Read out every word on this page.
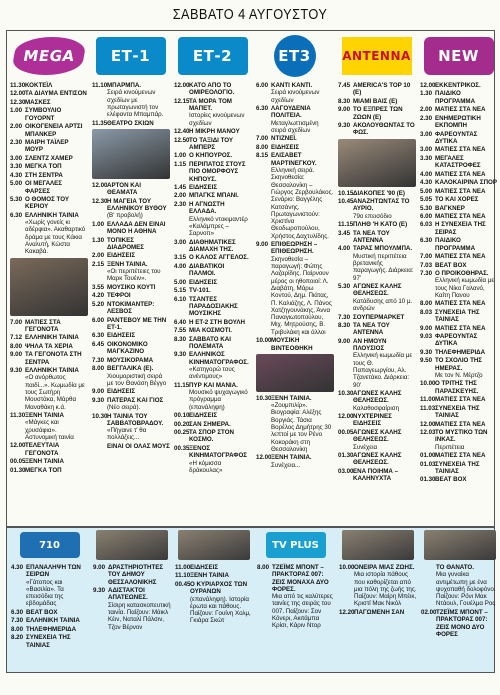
ΣΑΒΒΑΤΟ 4 ΑΥΓΟΥΣΤΟΥ
MEGA
11.30 ΚΟΚΤΕΪΛ
12.00 ΤΑ ΔΙΑΥΜΑ ΕΝΤΙΣΟΝ
12.30 ΜΑΣΚΕΣ
1.00 ΣΥΜΒΟΥΛΙΟ ΓΟΥΟΡΝΤ
2.00 ΟΙΚΟΓΕΝΕΙΑ ΑΡΤΣΙ ΜΠΑΝΚΕΡ
2.30 ΜΑΙΡΗ ΤΑΪΛΕΡ ΜΟΥΡ
3.00 ΣΛΕΝΤΖ ΧΑΜΕΡ
3.30 ΜΕΓΚΑ ΤΟΠ
4.30 ΣΤΗ ΣΕΝΤΡΑ
5.00 ΟΙ ΜΕΓΑΛΕΣ ΦΑΡΣΕΣ
5.30 Ο ΘΟΜΟΣ ΤΟΥ ΚΕΡΙΟΥ
6.30 ΕΛΛΗΝΙΚΗ ΤΑΙΝΙΑ
«Χωρίς γονείς κι αδέρφια». Ακαθαρτικό δράμα με τους Κάκια Αναλυτή, Κώστα Κακαβά.
7.00 ΜΑΤΙΕΣ ΣΤΑ ΓΕΓΟΝΟΤΑ
7.12 ΕΛΛΗΝΙΚΗ ΤΑΙΝΙΑ
8.00 ΨΗΛΑ ΤΑ ΧΕΡΙΑ
9.00 ΤΑ ΓΕΓΟΝΟΤΑ ΣΤΗ ΣΕΝΤΡΑ
9.30 ΕΛΛΗΝΙΚΗ ΤΑΙΝΙΑ
«Ο ανόρθωτος παιδί...». Κωμωδία με τους Σωτήρη Μουστάκα, Μάρθα Μαναθάκη κ.ά.
11.30 ΞΕΝΗ ΤΑΙΝΙΑ
«Μάγκες και χρυσάφια». Αστυνομική ταινία
12.00 ΤΕΛΕΥΤΑΙΑ ΓΕΓΟΝΟΤΑ
00.05 ΞΕΝΗ ΤΑΙΝΙΑ
01.30 ΜΕΓΚΑ ΤΟΠ
ΕΤ-1
11.10 ΜΠΑΡΜΠΑ.
Σειρά κινούμενων σχεδίων με πρωταγωνιστή τον ελέφαντα Μπαμπάρ.
11.35 ΘΕΑΤΡΟ ΣΚΙΩΝ
12.00 ΑΡΤΟΝ ΚΑΙ ΘΕΑΜΑΤΑ
12.30 Η ΜΑΓΕΙΑ ΤΟΥ ΕΛΛΗΝΙΚΟΥ ΒΥΘΟΥ
(Β' προβολή)
1.00 ΕΛΛΑΔΑ ΔΕΝ ΕΙΝΑΙ ΜΟΝΟ Η ΑΘΗΝΑ
1.30 ΤΟΠΙΚΕΣ ΔΙΑΔΡΟΜΕΣ
2.00 ΕΙΔΗΣΕΙΣ
2.15 ΞΕΝΗ ΤΑΙΝΙΑ.
«Οι περιπέτειες του Μαρκ Τουέιν».
3.55 ΜΟΥΣΙΚΟ ΚΟΥΤΙ
4.20 ΤΕΦΡΟΙ
5.20 ΝΤΟΚΙΜΑΝΤΕΡ: ΛΕΣΒΟΣ
6.00 ΡΑΝΤΕΒΟΥ ΜΕ ΤΗΝ ΕΤ-1.
6.30 ΕΙΔΗΣΕΙΣ
6.45 ΟΙΚΟΝΟΜΙΚΟ ΜΑΓΚΑΖΙΝΟ
7.30 ΜΟΥΣΙΚΟΡΑΜΑ
8.00 ΒΕΓΓΑΛΙΚΑ (Ε).
Χιουμοριστική σειρά με τον Θανάση Βέγγο
9.00 ΕΙΔΗΣΕΙΣ
9.30 ΠΑΤΕΡΑΣ ΚΑΙ ΓΙΟΣ
(Νέο σειρά).
10.30 Η ΤΑΙΝΙΑ ΤΟΥ ΣΑΒΒΑΤΟΒΡΑΔΟΥ.
«Πήγαινε τ' θα πολλάζεις...
ΕΙΝΑΙ ΟΙ ΟΛΑΣ ΜΟΥΣ
ΕΤ-2
12.00 ΚΑΤΟ ΑΠΟ ΤΟ ΟΜΙΡΕΟΛΟΓΙΟ.
12.15 ΤΑ ΜΟΡΑ ΤΟΜ ΜΑΠΕΤ.
Ιστορίες κινούμενων σχεδίων
12.40 Η ΜΙΚΡΗ ΜΑΝΟΥ
12.50 ΤΟ ΤΑΞΙΔΙ ΤΟΥ ΑΜΠΕΡΣ
1.00 Ο ΚΗΠΟΥΡΟΣ.
1.15 ΠΕΡΙΠΑΤΟΣ ΣΤΟΥΣ ΠΙΟ ΟΜΟΡΦΟΥΣ ΚΗΠΟΥΣ.
1.45 ΕΙΔΗΣΕΙΣ
2.00 ΜΠΑΓΚΣ ΜΠΑΝΙ.
2.30 Η ΑΓΝΩΣΤΗ ΕΛΛΑΔΑ.
Ελληνικό ντοκιμαντέρ «Καλάμπρες – Σαρνοπ»
3.00 ΔΙΑΘΗΜΑΤΙΚΕΣ ΔΙΑΜΑΧΗ ΤΗΣ.
3.15 Ο ΚΑΛΟΣ ΑΓΓΕΛΟΣ.
4.00 ΔΙΑΒΑΤΙΚΟΙ ΠΑΛΜΟΙ.
5.00 ΕΙΔΗΣΕΙΣ
5.15 ΤV-101.
6.10 ΤΣΑΝΤΕΣ ΠΑΡΑΔΟΣΙΑΚΗΣ ΜΟΥΣΙΚΗΣ
6.40 Η ΕΤ-2 ΣΤΗ ΒΟΥΛΗ
7.55 ΜΙΑ ΚΟΣΜΟΤΙ.
8.30 ΣΑΒΒΑΤΟ ΚΑΙ ΠΟΛΕΜΑΤΑ
9.30 ΕΛΛΗΝΙΚΟΣ ΚΙΝΗΜΑΤΟΓΡΑΦΟΣ.
«Κατηγορώ τους ανέντιμους»
11.15 ΠΥΡ ΚΑΙ ΜΑΝΙΑ.
Μουσικό ψυχαγωγικό πρόγραμμα (επανάληψη)
00.10 ΕΙΔΗΣΕΙΣ
00.20 ΣΑΝ ΣΗΜΕΡΑ.
00.25 ΤΑ ΣΠΟΡ ΣΤΟΝ ΚΟΣΜΟ.
00.35 ΞΕΝΟΣ ΚΙΝΗΜΑΤΟΓΡΑΦΟΣ
«Η κόμισσα δράκουλας»
ΕΤ3
6.00 ΚΑΝΤΙ ΚΑΝΤΙ.
Σειρά κινούμενων σχεδίων
6.30 ΛΑΓΟΥΔΕΝΙΑ ΠΟΛΙΤΕΙΑ.
Μεταγλωττισμένη σειρά σχεδίων
7.00 ΝΤΙΖΝΕΪ.
8.00 ΕΙΔΗΣΕΙΣ
8.15 ΕΛΙΣΑΒΕΤ ΜΑΡΤΙΝΕΓΚΟΥ.
Ελληνική σειρά. Σκηνοθεσία: Θεσσαλονίκη – Γιώργος Ζερβουλάκος. Σενάριο: Βαγγέλης Κατσάνης. Πρωταγωνιστούν: Χριστίνα Θεοδωροπούλου, Χρήστος Δαχτυλίδης.
9.00 ΕΠΙΘΕΩΡΗΣΗ – ΕΠΙΘΕΩΡΗΣΗ.
Σκηνοθεσία – παραγωγή: Φώτης Λαζαρίδης. Παίρνουν μέρος οι ηθοποιοί: Λ. Διαβάτη, Μάρω Κοντού, Δημ. Πιάτας, Π. Καλιάζης, Λ. Πάνος Χατζηγουνάκης, Άννα Παναγιωτοπούλου, Μιχ. Μητρούσης, Β. Τριβυλάκη και άλλοι
10.00 ΜΟΥΣΙΚΗ ΒΙΝΤΕΟΘΗΚΗ
10.30 ΞΕΝΗ ΤΑΙΝΙΑ.
«Ζουμπιλίρ». Βιογραφία: Αλέξης Βοργιάς. Τάσια Βορέλος Δημήτρης 30 λεπτοί με τον Ρένο Κοκοράκη στη Θεσσαλονίκη
12.00 ΞΕΝΗ ΤΑΙΝΙΑ.
Συνέχεια...
ANTENNA
7.45 AMERICA'S TOP 10 (Ε)
8.30 ΜΙΑΜΙ ΒΑΙΣ (Ε)
9.00 ΤΟ ΕΞΠΡΕΣ ΤΩΝ ΖΩΩΝ (Ε)
9.30 ΑΚΟΛΟΥΘΩΝΤΑΣ ΤΟ ΦΩΣ.
10.15 ΔΙΑΚΟΠΕΣ '90 (Ε)
10.45 ΑΝΑΖΗΤΩΝΤΑΣ ΤΟ ΑΥΡΙΟ.
79ο επεισόδιο
11.15 ΠΛΗΘ 'Η ΚΑΤΟ (Ε)
3.45 ΤΑ ΝΕΑ ΤΟΥ ΑΝΤΕΝΝΑ
4.00 ΤΑΡΑΣ ΜΠΟΥΛΜΠΑ.
Μυστική περιπέτεια βρετανικής παραγωγής. Διάρκεια: 97'
5.30 ΑΓΩΝΕΣ ΚΑΛΗΣ ΘΕΛΗΣΕΩΣ.
Κατάδυσης από 10 μ. ανδρών
7.30 ΣΟΥΠΕΡΜΑΡΚΕΤ
8.30 ΤΑ ΝΕΑ ΤΟΥ ΑΝΤΕΝΝΑ
9.00 ΑΝ ΗΜΟΥΝ ΠΛΟΥΣΙΟΣ
Ελληνική κωμωδία με τους Θ. Παπαγεωργίου, Αλ. Τζανετάκο. Διάρκεια: 90'
10.30 ΑΓΩΝΕΣ ΚΑΛΗΣ ΘΕΛΗΣΕΩΣ.
Καλαθοσφαίριση
12.00 ΝΥΧΤΕΡΙΝΕΣ ΕΙΔΗΣΕΙΣ
00.05 ΑΓΩΝΕΣ ΚΑΛΗΣ ΘΕΛΗΣΕΩΣ.
Συνέχεια
01.30 ΑΓΩΝΕΣ ΚΑΛΗΣ ΘΕΛΗΣΕΩΣ.
03.00 ΕΝΑ ΠΟΙΗΜΑ – ΚΑΛΗΝΥΧΤΑ
NEW
12.00 ΕΚΚΕΝΤΡΙΚΟΣ.
1.30 ΠΑΙΔΙΚΟ ΠΡΟΓΡΑΜΜΑ
2.00 ΜΑΤΙΕΣ ΣΤΑ ΝΕΑ
2.30 ΕΝΗΜΕΡΩΤΙΚΗ ΕΚΠΟΜΠΗ
3.00 ΦΑΡΕΟΥΝΤΑΣ ΔΥΤΙΚΑ
3.00 ΜΑΤΙΕΣ ΣΤΑ ΝΕΑ
3.30 ΜΕΓΑΛΕΣ ΚΑΤΑΣΤΡΟΦΕΣ
4.00 ΜΑΤΙΕΣ ΣΤΑ ΝΕΑ
4.30 ΚΑΛΟΚΑΙΡΙΝΑ ΣΠΟΡ
5.00 ΜΑΤΙΕΣ ΣΤΑ ΝΕΑ
5.05 ΤΟ ΚΑΙ ΧΟΡΕΣ
5.30 ΒΑΓΚΝΕΡ
6.00 ΜΑΤΙΕΣ ΣΤΑ ΝΕΑ
6.03 Η ΣΥΝΕΧΕΙΑ ΤΗΣ ΣΕΙΡΑΣ
6.30 ΠΑΙΔΙΚΟ ΠΡΟΓΡΑΜΜΑ
7.00 ΜΑΤΙΕΣ ΣΤΑ ΝΕΑ
7.03 BEAT BOX
7.30 Ο ΠΡΟΙΚΟΘΗΡΑΣ.
Ελληνική κωμωδία με τους Νίκο Γαλανό, Καίτη Πανου
8.00 ΜΑΤΙΕΣ ΣΤΑ ΝΕΑ
8.03 ΣΥΝΕΧΕΙΑ ΤΗΣ ΤΑΙΝΙΑΣ
9.00 ΜΑΤΙΕΣ ΣΤΑ ΝΕΑ
9.03 ΦΑΡΕΟΥΝΤΑΣ ΔΥΤΙΚΑ
9.30 ΤΗΛΕΦΗΜΕΡΙΔΑ
9.50 ΤΟ ΣΧΟΛΙΟ ΤΗΣ ΗΜΕΡΑΣ.
Με τον Ν. Μέρτζο
10.00 Ο ΤΡΙΤΗΣ ΤΗΣ ΠΑΡΑΣΚΕΥΗΣ.
11.00 ΜΑΤΙΕΣ ΣΤΑ ΝΕΑ
11.03 ΣΥΝΕΧΕΙΑ ΤΗΣ ΤΑΙΝΙΑΣ
12.00 ΜΑΤΙΕΣ ΣΤΑ ΝΕΑ
12.03 ΤΟ ΜΥΣΤΙΚΟ ΤΩΝ ΙΝΚΑΣ.
Περιπέτεια
01.00 ΜΑΤΙΕΣ ΣΤΑ ΝΕΑ
01.03 ΣΥΝΕΧΕΙΑ ΤΗΣ ΤΑΙΝΙΑΣ
01.30 BEAT BOX
710
4.30 ΕΠΑΝΑΛΗΨΗ ΤΩΝ ΣΕΙΡΩΝ
«Γάτοπος και «Βασιλία». Τα επεισόδια της εβδομάδας
6.30 BEAT BOX
7.30 ΕΛΛΗΝΙΚΗ ΤΑΙΝΙΑ
8.00 ΤΗΛΕΦΗΜΕΡΙΔΑ
8.20 ΣΥΝΕΧΕΙΑ ΤΗΣ ΤΑΙΝΙΑΣ
9.00 ΔΡΑΣΤΗΡΙΟΤΗΤΕΣ ΤΟΥ ΔΗΜΟΥ ΘΕΣΣΑΛΟΝΙΚΗΣ
9.30 ΑΔΙΣΤΑΚΤΟΙ ΑΠΑΤΕΩΝΕΣ.
Σίσιρη κατασκοπευτική ταινία. Παίζουν: Μάικλ Κέιν, Ναταλί Πάλσιν, Τζον Βέρνον
11.00 ΕΙΔΗΣΕΙΣ
11.10 ΞΕΝΗ ΤΑΙΝΙΑ
00.45 Ο ΚΥΡΙΑΡΧΟΣ ΤΩΝ ΟΥΡΑΝΩΝ
(επανάληψη). Ιστορία έρωτα και πάθους. Παίζουν: Γουίνη Χολμ, Γκιάρα Σκώτ
TV PLUS
8.00 ΤΖΕΪΜΣ ΜΠΟΝΤ – ΠΡΑΚΤΟΡΑΣ 007: ΖΕΙΣ ΜΟΝΑΧΑ ΔΥΟ ΦΟΡΕΣ.
Μια από τις καλύτερες ταινίες της σειράς του 007. Παίζουν: Σον Κόνερι, Ακιτάμπα Κρίσι, Κάριν Ντορ
10.00 ΟΝΕΙΡΑ ΜΙΑΣ ΖΩΗΣ.
Μια ιστορία πάθους που καθορίζεται από μια πόλη της ζωής της. Παίζουν: Μαίρη Μπέικ, Κριστί Μακ Νικόλ
12.20 ΠΑΓΩΜΕΝΗ ΣΑΝ
ΤΟ ΘΑΝΑΤΟ.
Μια γυναίκα αντιμέτωπη με ένα ψυχοπαθή δολοφόνο. Παίζουν: Ρόνι Μακ Ντάουλ, Γουέλμα Ρος
02.00 ΤΖΕΪΜΣ ΜΠΟΝΤ – ΠΡΑΚΤΟΡΑΣ 007: ΖΕΙΣ ΜΟΝΟ ΔΥΟ ΦΟΡΕΣ
